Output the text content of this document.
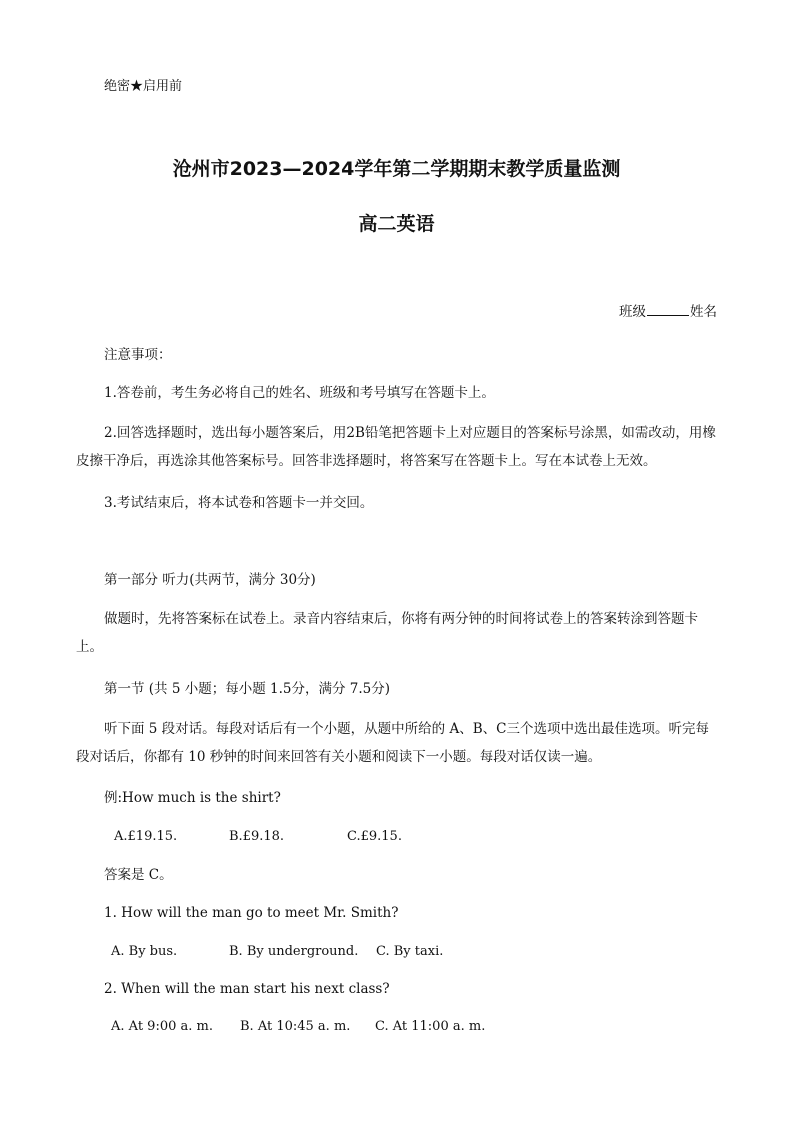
绝密★启用前
沧州市2023—2024学年第二学期期末教学质量监测
高二英语
班级	姓名
注意事项：
1.答卷前，考生务必将自己的姓名、班级和考号填写在答题卡上。
2.回答选择题时，选出每小题答案后，用2B铅笔把答题卡上对应题目的答案标号涂黑，如需改动，用橡皮擦干净后，再选涂其他答案标号。回答非选择题时，将答案写在答题卡上。写在本试卷上无效。
3.考试结束后，将本试卷和答题卡一并交回。
第一部分 听力(共两节，满分 30分)
做题时，先将答案标在试卷上。录音内容结束后，你将有两分钟的时间将试卷上的答案转涂到答题卡上。
第一节 (共 5 小题；每小题 1.5分，满分 7.5分)
听下面 5 段对话。每段对话后有一个小题，从题中所给的 A、B、C三个选项中选出最佳选项。听完每段对话后，你都有 10 秒钟的时间来回答有关小题和阅读下一小题。每段对话仅读一遍。
例:How much is the shirt?
A.£19.15.	B.£9.18.	C.£9.15.
答案是 C。
1. How will the man go to meet Mr. Smith?
A. By bus.	B. By underground. C. By taxi.
2. When will the man start his next class?
A. At 9:00 a. m. B. At 10:45 a. m. C. At 11:00 a. m.
